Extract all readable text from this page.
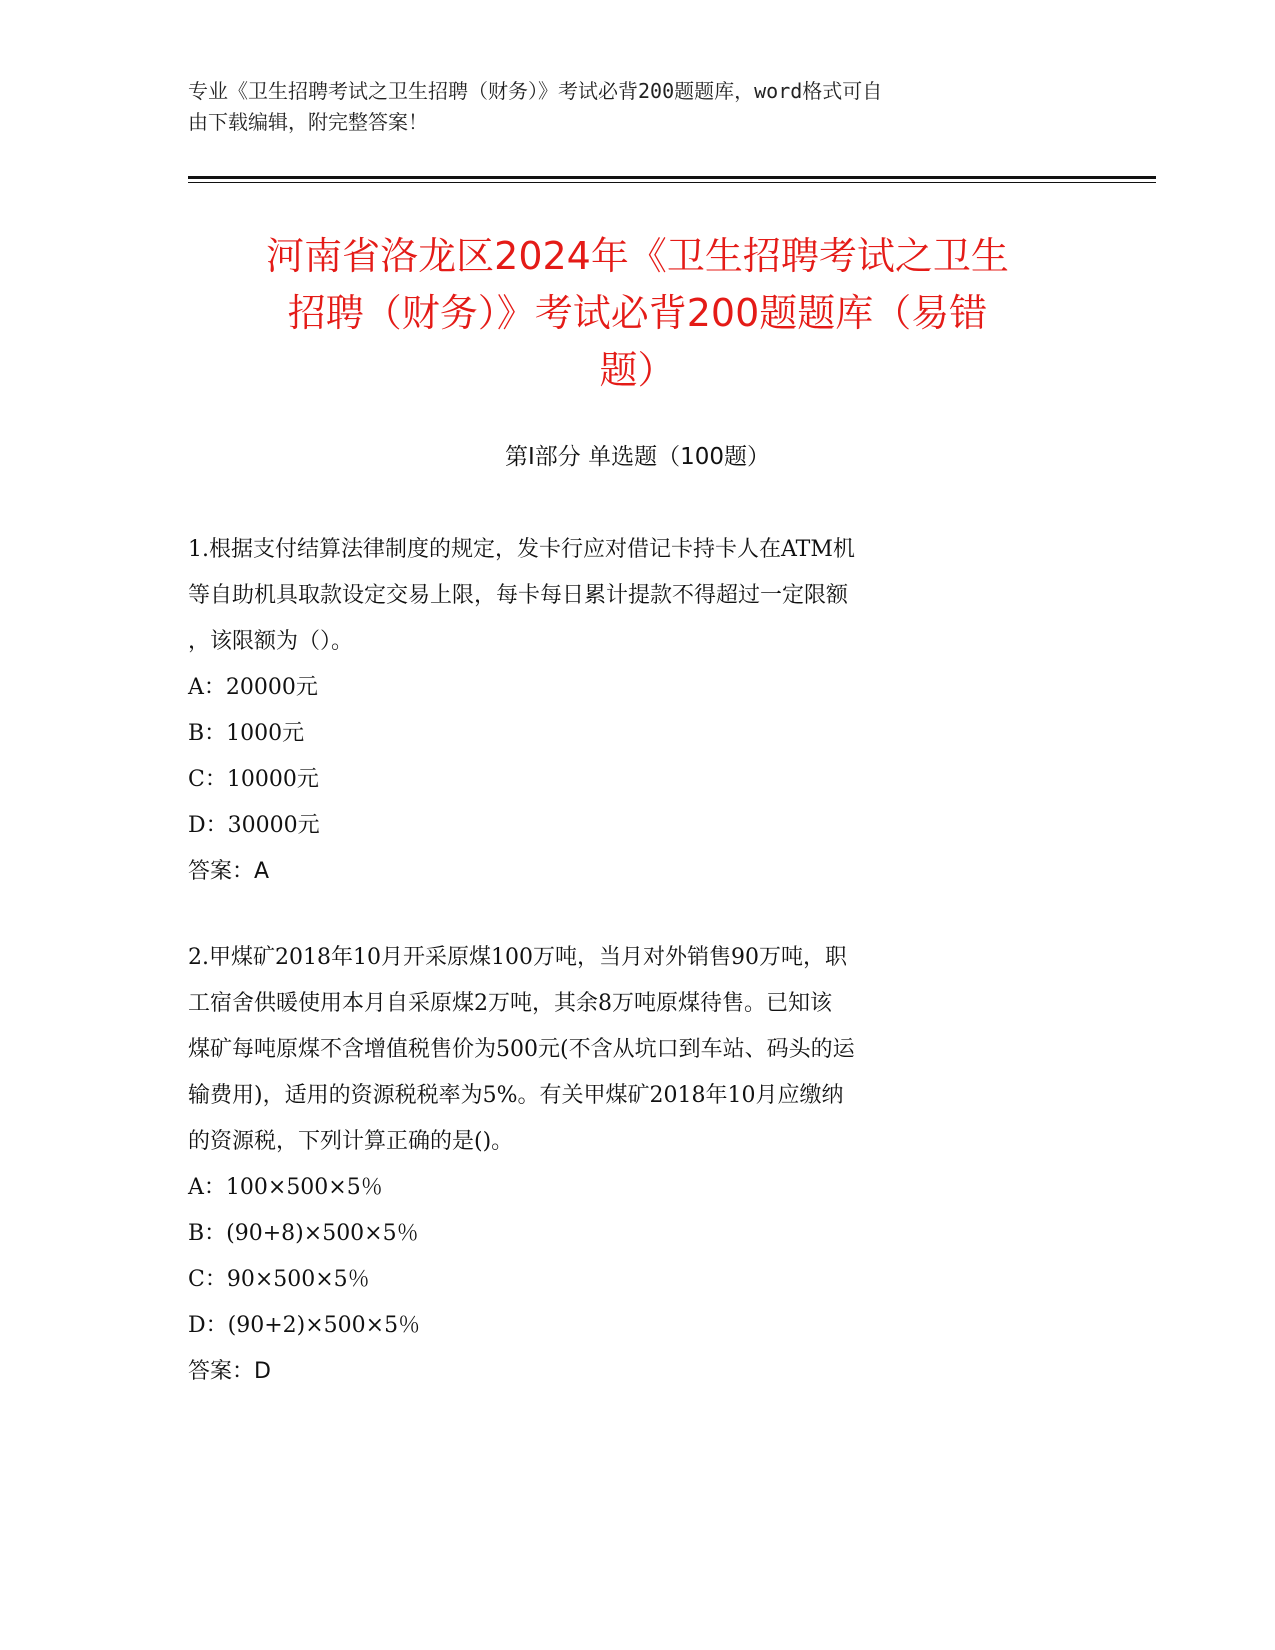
专业《卫生招聘考试之卫生招聘（财务）》考试必背200题题库，word格式可自
由下载编辑，附完整答案！
河南省洛龙区2024年《卫生招聘考试之卫生
招聘（财务）》考试必背200题题库（易错
题）
第I部分 单选题（100题）
1.根据支付结算法律制度的规定，发卡行应对借记卡持卡人在ATM机
等自助机具取款设定交易上限，每卡每日累计提款不得超过一定限额
，该限额为（）。
A：20000元
B：1000元
C：10000元
D：30000元
答案：A
2.甲煤矿2018年10月开采原煤100万吨，当月对外销售90万吨，职
工宿舍供暖使用本月自采原煤2万吨，其余8万吨原煤待售。已知该
煤矿每吨原煤不含增值税售价为500元(不含从坑口到车站、码头的运
输费用)，适用的资源税税率为5%。有关甲煤矿2018年10月应缴纳
的资源税，下列计算正确的是()。
A：100×500×5％
B：(90+8)×500×5％
C：90×500×5％
D：(90+2)×500×5％
答案：D
